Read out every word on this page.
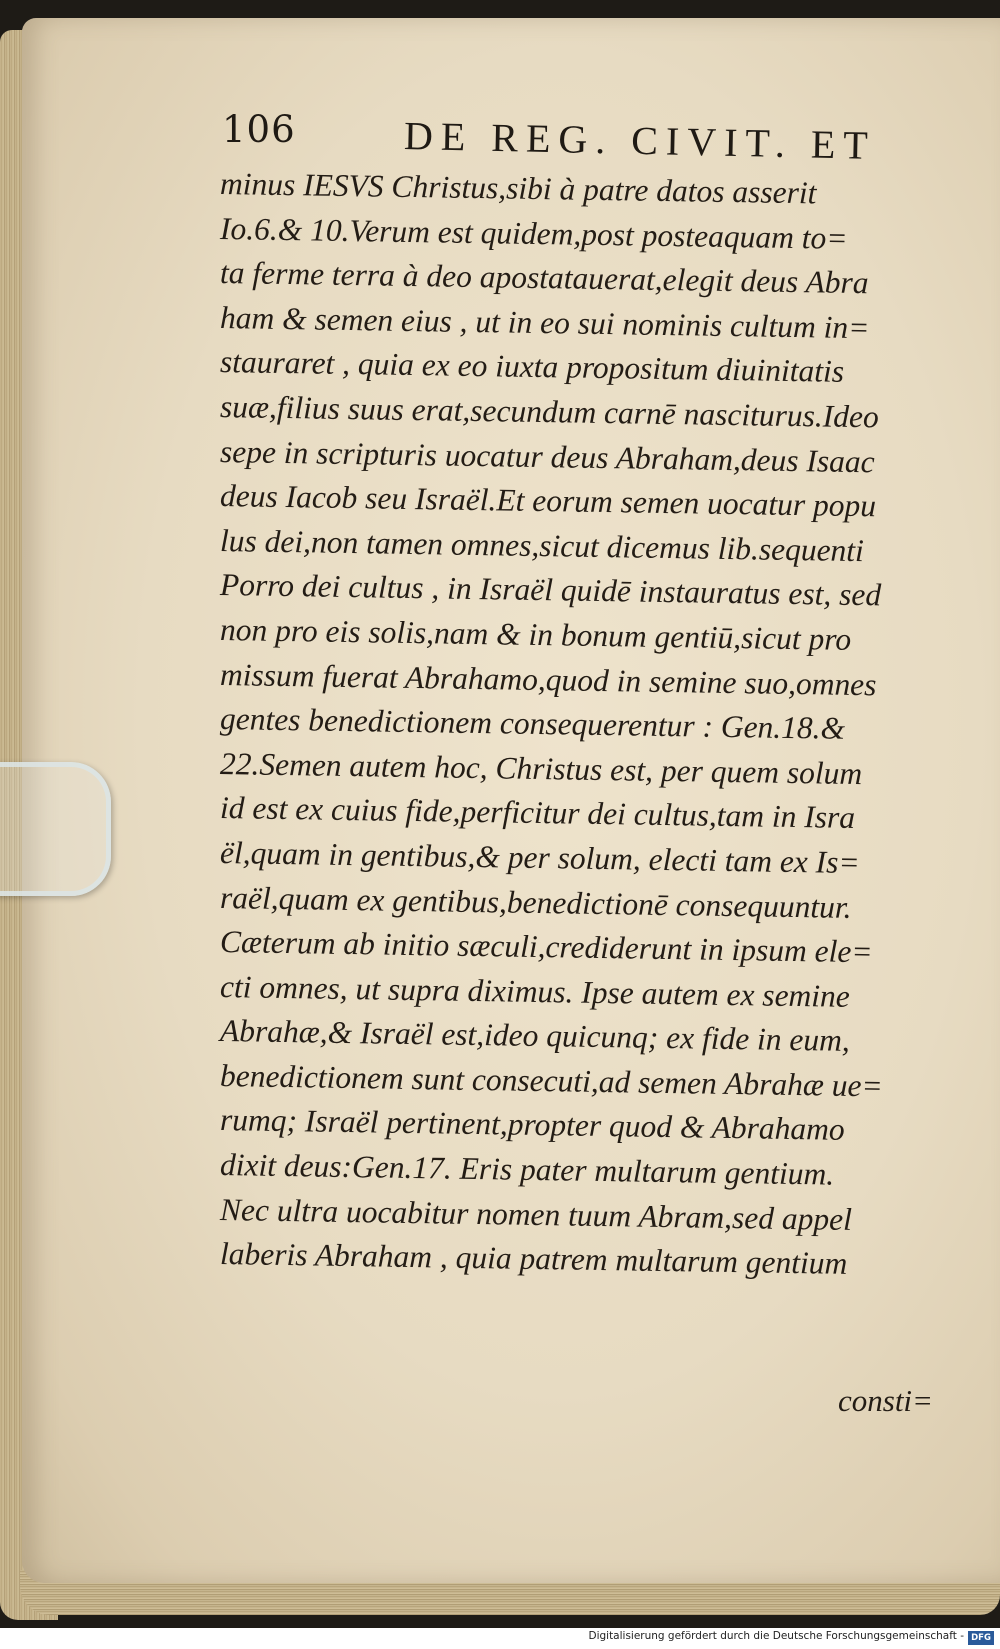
106	DE REG. CIVIT. ET
minus IESVS Christus,sibi à patre datos asserit
Io.6.& 10.Verum est quidem,post posteaquam to=
ta ferme terra à deo apostatauerat,elegit deus Abra
ham & semen eius , ut in eo sui nominis cultum in=
stauraret , quia ex eo iuxta propositum diuinitatis
suæ,filius suus erat,secundum carnē nasciturus.Ideo
sepe in scripturis uocatur deus Abraham,deus Isaac
deus Iacob seu Israël.Et eorum semen uocatur popu
lus dei,non tamen omnes,sicut dicemus lib.sequenti
Porro dei cultus , in Israël quidē instauratus est, sed
non pro eis solis,nam & in bonum gentiū,sicut pro
missum fuerat Abrahamo,quod in semine suo,omnes
gentes benedictionem consequerentur : Gen.18.&
22.Semen autem hoc, Christus est, per quem solum
id est ex cuius fide,perficitur dei cultus,tam in Isra
ël,quam in gentibus,& per solum, electi tam ex Is=
raël,quam ex gentibus,benedictionē consequuntur.
Cæterum ab initio sæculi,crediderunt in ipsum ele=
cti omnes, ut supra diximus. Ipse autem ex semine
Abrahæ,& Israël est,ideo quicunq; ex fide in eum,
benedictionem sunt consecuti,ad semen Abrahæ ue=
rumq; Israël pertinent,propter quod & Abrahamo
dixit deus:Gen.17. Eris pater multarum gentium.
Nec ultra uocabitur nomen tuum Abram,sed appel
laberis Abraham , quia patrem multarum gentium
consti=
Digitalisierung gefördert durch die Deutsche Forschungsgemeinschaft - DFG
